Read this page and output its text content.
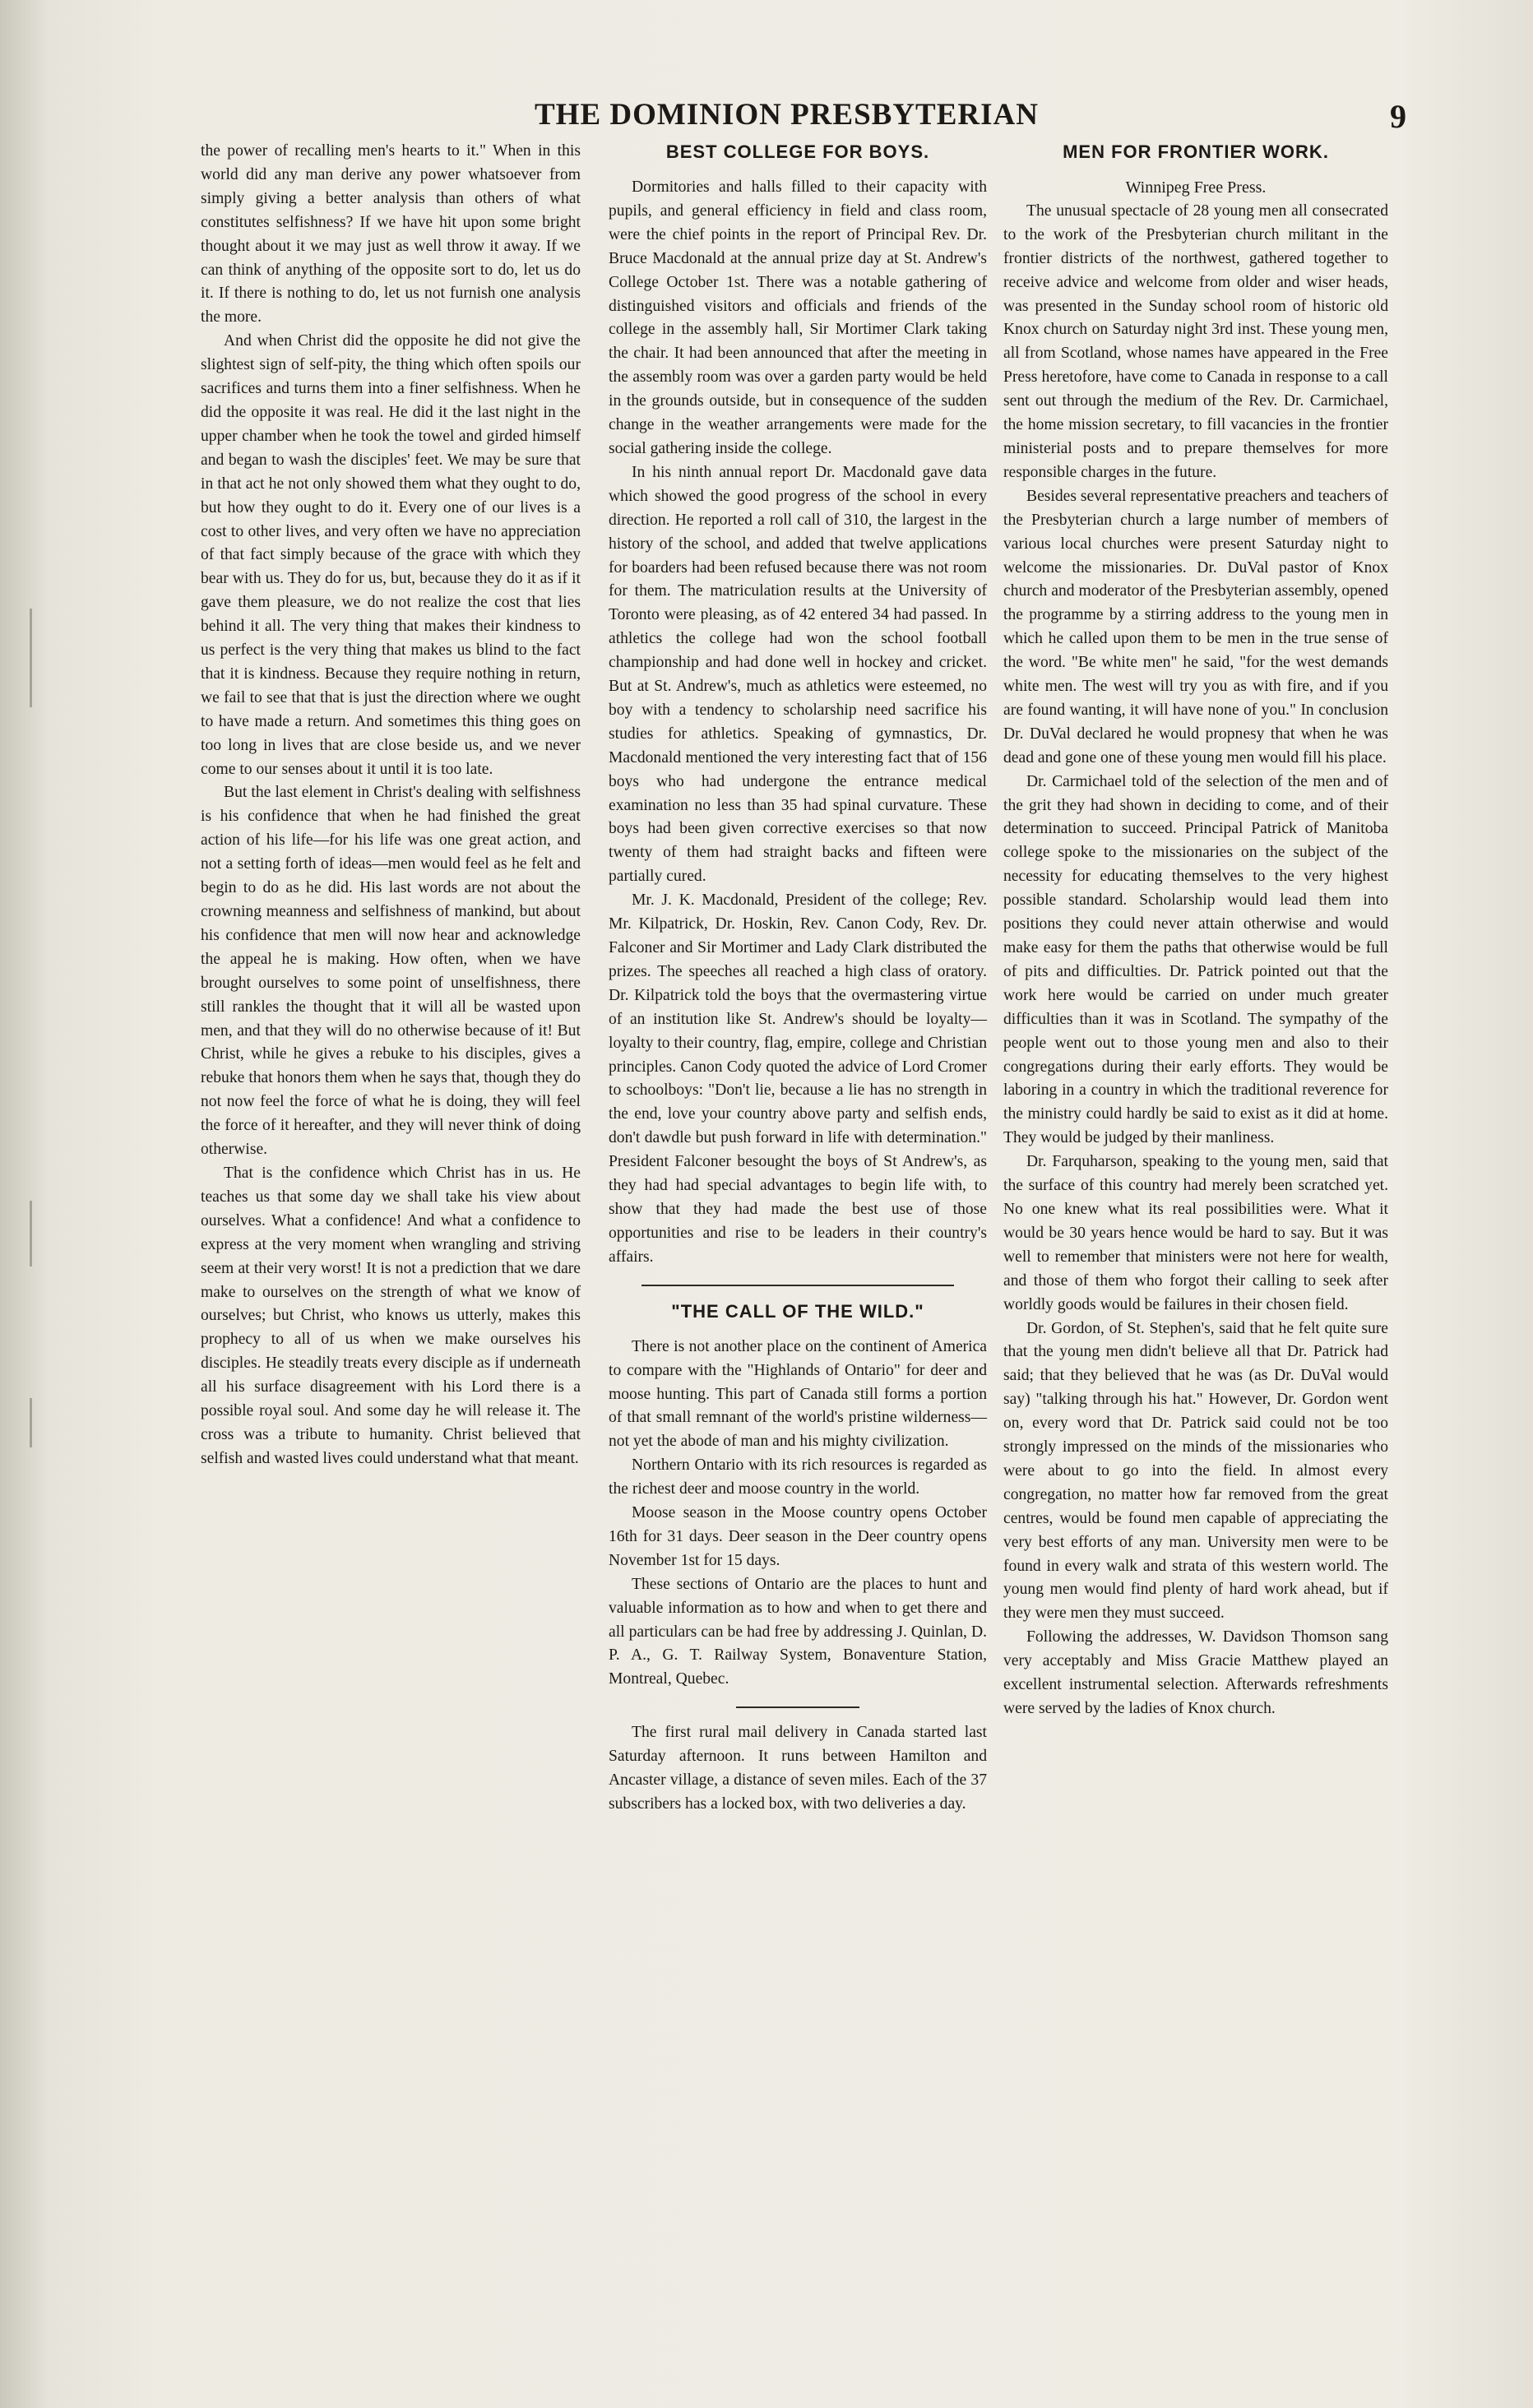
THE DOMINION PRESBYTERIAN	9

the power of recalling men's hearts to it." When in this world did any man derive any power whatsoever from simply giving a better analysis than others of what constitutes selfishness? If we have hit upon some bright thought about it we may just as well throw it away. If we can think of anything of the opposite sort to do, let us do it. If there is nothing to do, let us not furnish one analysis the more.

And when Christ did the opposite he did not give the slightest sign of self-pity, the thing which often spoils our sacrifices and turns them into a finer selfishness. When he did the opposite it was real. He did it the last night in the upper chamber when he took the towel and girded himself and began to wash the disciples' feet. We may be sure that in that act he not only showed them what they ought to do, but how they ought to do it. Every one of our lives is a cost to other lives, and very often we have no appreciation of that fact simply because of the grace with which they bear with us. They do for us, but, because they do it as if it gave them pleasure, we do not realize the cost that lies behind it all. The very thing that makes their kindness to us perfect is the very thing that makes us blind to the fact that it is kindness. Because they require nothing in return, we fail to see that that is just the direction where we ought to have made a return. And sometimes this thing goes on too long in lives that are close beside us, and we never come to our senses about it until it is too late.

But the last element in Christ's dealing with selfishness is his confidence that when he had finished the great action of his life—for his life was one great action, and not a setting forth of ideas—men would feel as he felt and begin to do as he did. His last words are not about the crowning meanness and selfishness of mankind, but about his confidence that men will now hear and acknowledge the appeal he is making. How often, when we have brought ourselves to some point of unselfishness, there still rankles the thought that it will all be wasted upon men, and that they will do no otherwise because of it! But Christ, while he gives a rebuke to his disciples, gives a rebuke that honors them when he says that, though they do not now feel the force of what he is doing, they will feel the force of it hereafter, and they will never think of doing otherwise.

That is the confidence which Christ has in us. He teaches us that some day we shall take his view about ourselves. What a confidence! And what a confidence to express at the very moment when wrangling and striving seem at their very worst! It is not a prediction that we dare make to ourselves on the strength of what we know of ourselves; but Christ, who knows us utterly, makes this prophecy to all of us when we make ourselves his disciples. He steadily treats every disciple as if underneath all his surface disagreement with his Lord there is a possible royal soul. And some day he will release it. The cross was a tribute to humanity. Christ believed that selfish and wasted lives could understand what that meant.

BEST COLLEGE FOR BOYS.

Dormitories and halls filled to their capacity with pupils, and general efficiency in field and class room, were the chief points in the report of Principal Rev. Dr. Bruce Macdonald at the annual prize day at St. Andrew's College October 1st. There was a notable gathering of distinguished visitors and officials and friends of the college in the assembly hall, Sir Mortimer Clark taking the chair. It had been announced that after the meeting in the assembly room was over a garden party would be held in the grounds outside, but in consequence of the sudden change in the weather arrangements were made for the social gathering inside the college.

In his ninth annual report Dr. Macdonald gave data which showed the good progress of the school in every direction. He reported a roll call of 310, the largest in the history of the school, and added that twelve applications for boarders had been refused because there was not room for them. The matriculation results at the University of Toronto were pleasing, as of 42 entered 34 had passed. In athletics the college had won the school football championship and had done well in hockey and cricket. But at St. Andrew's, much as athletics were esteemed, no boy with a tendency to scholarship need sacrifice his studies for athletics. Speaking of gymnastics, Dr. Macdonald mentioned the very interesting fact that of 156 boys who had undergone the entrance medical examination no less than 35 had spinal curvature. These boys had been given corrective exercises so that now twenty of them had straight backs and fifteen were partially cured.

Mr. J. K. Macdonald, President of the college; Rev. Mr. Kilpatrick, Dr. Hoskin, Rev. Canon Cody, Rev. Dr. Falconer and Sir Mortimer and Lady Clark distributed the prizes. The speeches all reached a high class of oratory. Dr. Kilpatrick told the boys that the overmastering virtue of an institution like St. Andrew's should be loyalty—loyalty to their country, flag, empire, college and Christian principles. Canon Cody quoted the advice of Lord Cromer to schoolboys: "Don't lie, because a lie has no strength in the end, love your country above party and selfish ends, don't dawdle but push forward in life with determination." President Falconer besought the boys of St Andrew's, as they had had special advantages to begin life with, to show that they had made the best use of those opportunities and rise to be leaders in their country's affairs.

"THE CALL OF THE WILD."

There is not another place on the continent of America to compare with the "Highlands of Ontario" for deer and moose hunting. This part of Canada still forms a portion of that small remnant of the world's pristine wilderness—not yet the abode of man and his mighty civilization.

Northern Ontario with its rich resources is regarded as the richest deer and moose country in the world.

Moose season in the Moose country opens October 16th for 31 days. Deer season in the Deer country opens November 1st for 15 days.

These sections of Ontario are the places to hunt and valuable information as to how and when to get there and all particulars can be had free by addressing J. Quinlan, D. P. A., G. T. Railway System, Bonaventure Station, Montreal, Quebec.

The first rural mail delivery in Canada started last Saturday afternoon. It runs between Hamilton and Ancaster village, a distance of seven miles. Each of the 37 subscribers has a locked box, with two deliveries a day.

MEN FOR FRONTIER WORK.

Winnipeg Free Press.

The unusual spectacle of 28 young men all consecrated to the work of the Presbyterian church militant in the frontier districts of the northwest, gathered together to receive advice and welcome from older and wiser heads, was presented in the Sunday school room of historic old Knox church on Saturday night 3rd inst. These young men, all from Scotland, whose names have appeared in the Free Press heretofore, have come to Canada in response to a call sent out through the medium of the Rev. Dr. Carmichael, the home mission secretary, to fill vacancies in the frontier ministerial posts and to prepare themselves for more responsible charges in the future.

Besides several representative preachers and teachers of the Presbyterian church a large number of members of various local churches were present Saturday night to welcome the missionaries. Dr. DuVal pastor of Knox church and moderator of the Presbyterian assembly, opened the programme by a stirring address to the young men in which he called upon them to be men in the true sense of the word. "Be white men" he said, "for the west demands white men. The west will try you as with fire, and if you are found wanting, it will have none of you." In conclusion Dr. DuVal declared he would propnesy that when he was dead and gone one of these young men would fill his place.

Dr. Carmichael told of the selection of the men and of the grit they had shown in deciding to come, and of their determination to succeed. Principal Patrick of Manitoba college spoke to the missionaries on the subject of the necessity for educating themselves to the very highest possible standard. Scholarship would lead them into positions they could never attain otherwise and would make easy for them the paths that otherwise would be full of pits and difficulties. Dr. Patrick pointed out that the work here would be carried on under much greater difficulties than it was in Scotland. The sympathy of the people went out to those young men and also to their congregations during their early efforts. They would be laboring in a country in which the traditional reverence for the ministry could hardly be said to exist as it did at home. They would be judged by their manliness.

Dr. Farquharson, speaking to the young men, said that the surface of this country had merely been scratched yet. No one knew what its real possibilities were. What it would be 30 years hence would be hard to say. But it was well to remember that ministers were not here for wealth, and those of them who forgot their calling to seek after worldly goods would be failures in their chosen field.

Dr. Gordon, of St. Stephen's, said that he felt quite sure that the young men didn't believe all that Dr. Patrick had said; that they believed that he was (as Dr. DuVal would say) "talking through his hat." However, Dr. Gordon went on, every word that Dr. Patrick said could not be too strongly impressed on the minds of the missionaries who were about to go into the field. In almost every congregation, no matter how far removed from the great centres, would be found men capable of appreciating the very best efforts of any man. University men were to be found in every walk and strata of this western world. The young men would find plenty of hard work ahead, but if they were men they must succeed.

Following the addresses, W. Davidson Thomson sang very acceptably and Miss Gracie Matthew played an excellent instrumental selection. Afterwards refreshments were served by the ladies of Knox church.
